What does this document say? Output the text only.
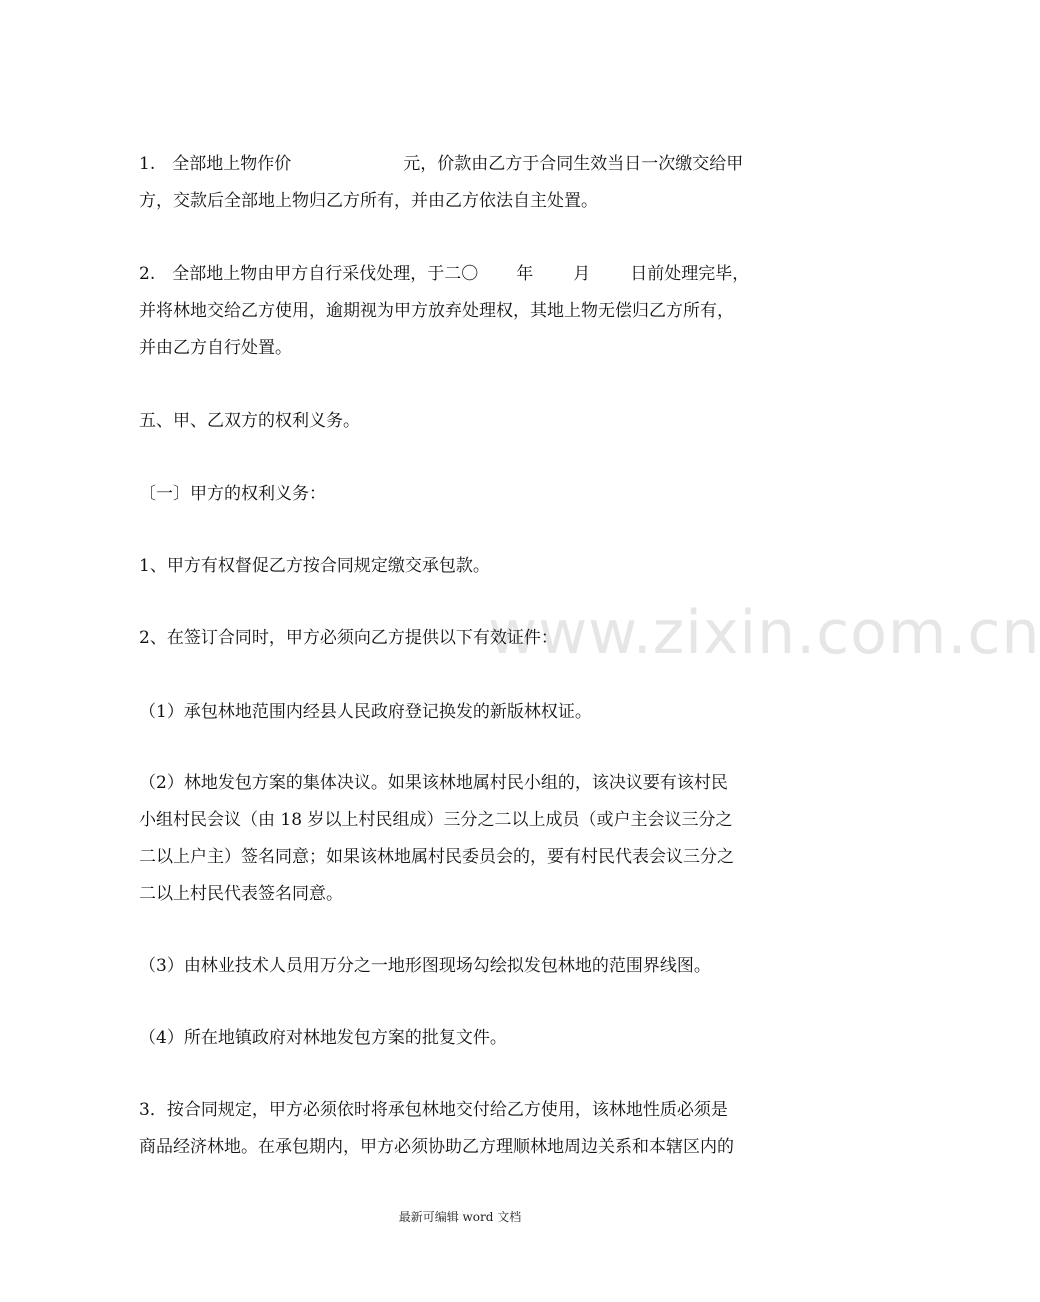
www.zixin.com.cn
1.　全部地上物作价	元，价款由乙方于合同生效当日一次缴交给甲
方，交款后全部地上物归乙方所有，并由乙方依法自主处置。
2.　全部地上物由甲方自行采伐处理，于二〇 年 月 日前处理完毕，
并将林地交给乙方使用，逾期视为甲方放弃处理权，其地上物无偿归乙方所有，
并由乙方自行处置。
五、甲、乙双方的权利义务。
〔一〕甲方的权利义务：
1、甲方有权督促乙方按合同规定缴交承包款。
2、在签订合同时，甲方必须向乙方提供以下有效证件：
（1）承包林地范围内经县人民政府登记换发的新版林权证。
（2）林地发包方案的集体决议。如果该林地属村民小组的，该决议要有该村民
小组村民会议（由 18 岁以上村民组成）三分之二以上成员（或户主会议三分之
二以上户主）签名同意；如果该林地属村民委员会的，要有村民代表会议三分之
二以上村民代表签名同意。
（3）由林业技术人员用万分之一地形图现场勾绘拟发包林地的范围界线图。
（4）所在地镇政府对林地发包方案的批复文件。
3．按合同规定，甲方必须依时将承包林地交付给乙方使用，该林地性质必须是
商品经济林地。在承包期内，甲方必须协助乙方理顺林地周边关系和本辖区内的
最新可编辑 word 文档
